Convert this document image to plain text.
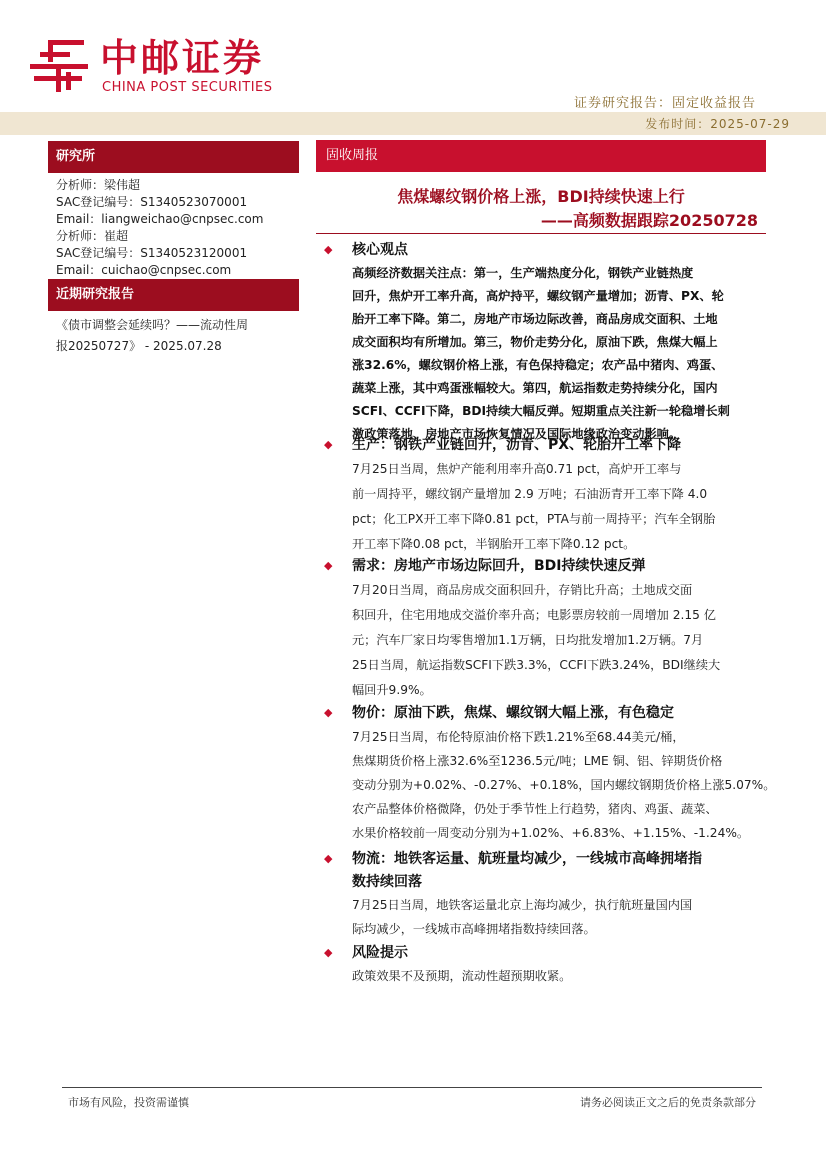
中邮证券
CHINA POST SECURITIES
证券研究报告：固定收益报告
发布时间：2025-07-29
研究所
分析师：梁伟超
SAC登记编号：S1340523070001
Email：liangweichao@cnpsec.com
分析师：崔超
SAC登记编号：S1340523120001
Email：cuichao@cnpsec.com
近期研究报告
《债市调整会延续吗？——流动性周
报20250727》 - 2025.07.28
固收周报
焦煤螺纹钢价格上涨，BDI持续快速上行
——高频数据跟踪20250728
◆ 核心观点
高频经济数据关注点：第一，生产端热度分化，钢铁产业链热度
回升，焦炉开工率升高，高炉持平，螺纹钢产量增加；沥青、PX、轮
胎开工率下降。第二，房地产市场边际改善，商品房成交面积、土地
成交面积均有所增加。第三，物价走势分化，原油下跌，焦煤大幅上
涨32.6%，螺纹钢价格上涨，有色保持稳定；农产品中猪肉、鸡蛋、
蔬菜上涨，其中鸡蛋涨幅较大。第四，航运指数走势持续分化，国内
SCFI、CCFI下降，BDI持续大幅反弹。短期重点关注新一轮稳增长刺
激政策落地、房地产市场恢复情况及国际地缘政治变动影响。
◆ 生产：钢铁产业链回升，沥青、PX、轮胎开工率下降
7月25日当周，焦炉产能利用率升高0.71 pct，高炉开工率与
前一周持平，螺纹钢产量增加 2.9 万吨；石油沥青开工率下降 4.0
pct；化工PX开工率下降0.81 pct，PTA与前一周持平；汽车全钢胎
开工率下降0.08 pct，半钢胎开工率下降0.12 pct。
◆ 需求：房地产市场边际回升，BDI持续快速反弹
7月20日当周，商品房成交面积回升，存销比升高；土地成交面
积回升，住宅用地成交溢价率升高；电影票房较前一周增加 2.15 亿
元；汽车厂家日均零售增加1.1万辆，日均批发增加1.2万辆。7月
25日当周，航运指数SCFI下跌3.3%，CCFI下跌3.24%，BDI继续大
幅回升9.9%。
◆ 物价：原油下跌，焦煤、螺纹钢大幅上涨，有色稳定
7月25日当周，布伦特原油价格下跌1.21%至68.44美元/桶，
焦煤期货价格上涨32.6%至1236.5元/吨；LME 铜、铝、锌期货价格
变动分别为+0.02%、-0.27%、+0.18%，国内螺纹钢期货价格上涨5.07%。
农产品整体价格微降，仍处于季节性上行趋势，猪肉、鸡蛋、蔬菜、
水果价格较前一周变动分别为+1.02%、+6.83%、+1.15%、-1.24%。
◆ 物流：地铁客运量、航班量均减少，一线城市高峰拥堵指
数持续回落
7月25日当周，地铁客运量北京上海均减少，执行航班量国内国
际均减少，一线城市高峰拥堵指数持续回落。
◆ 风险提示
政策效果不及预期，流动性超预期收紧。
市场有风险，投资需谨慎	请务必阅读正文之后的免责条款部分
